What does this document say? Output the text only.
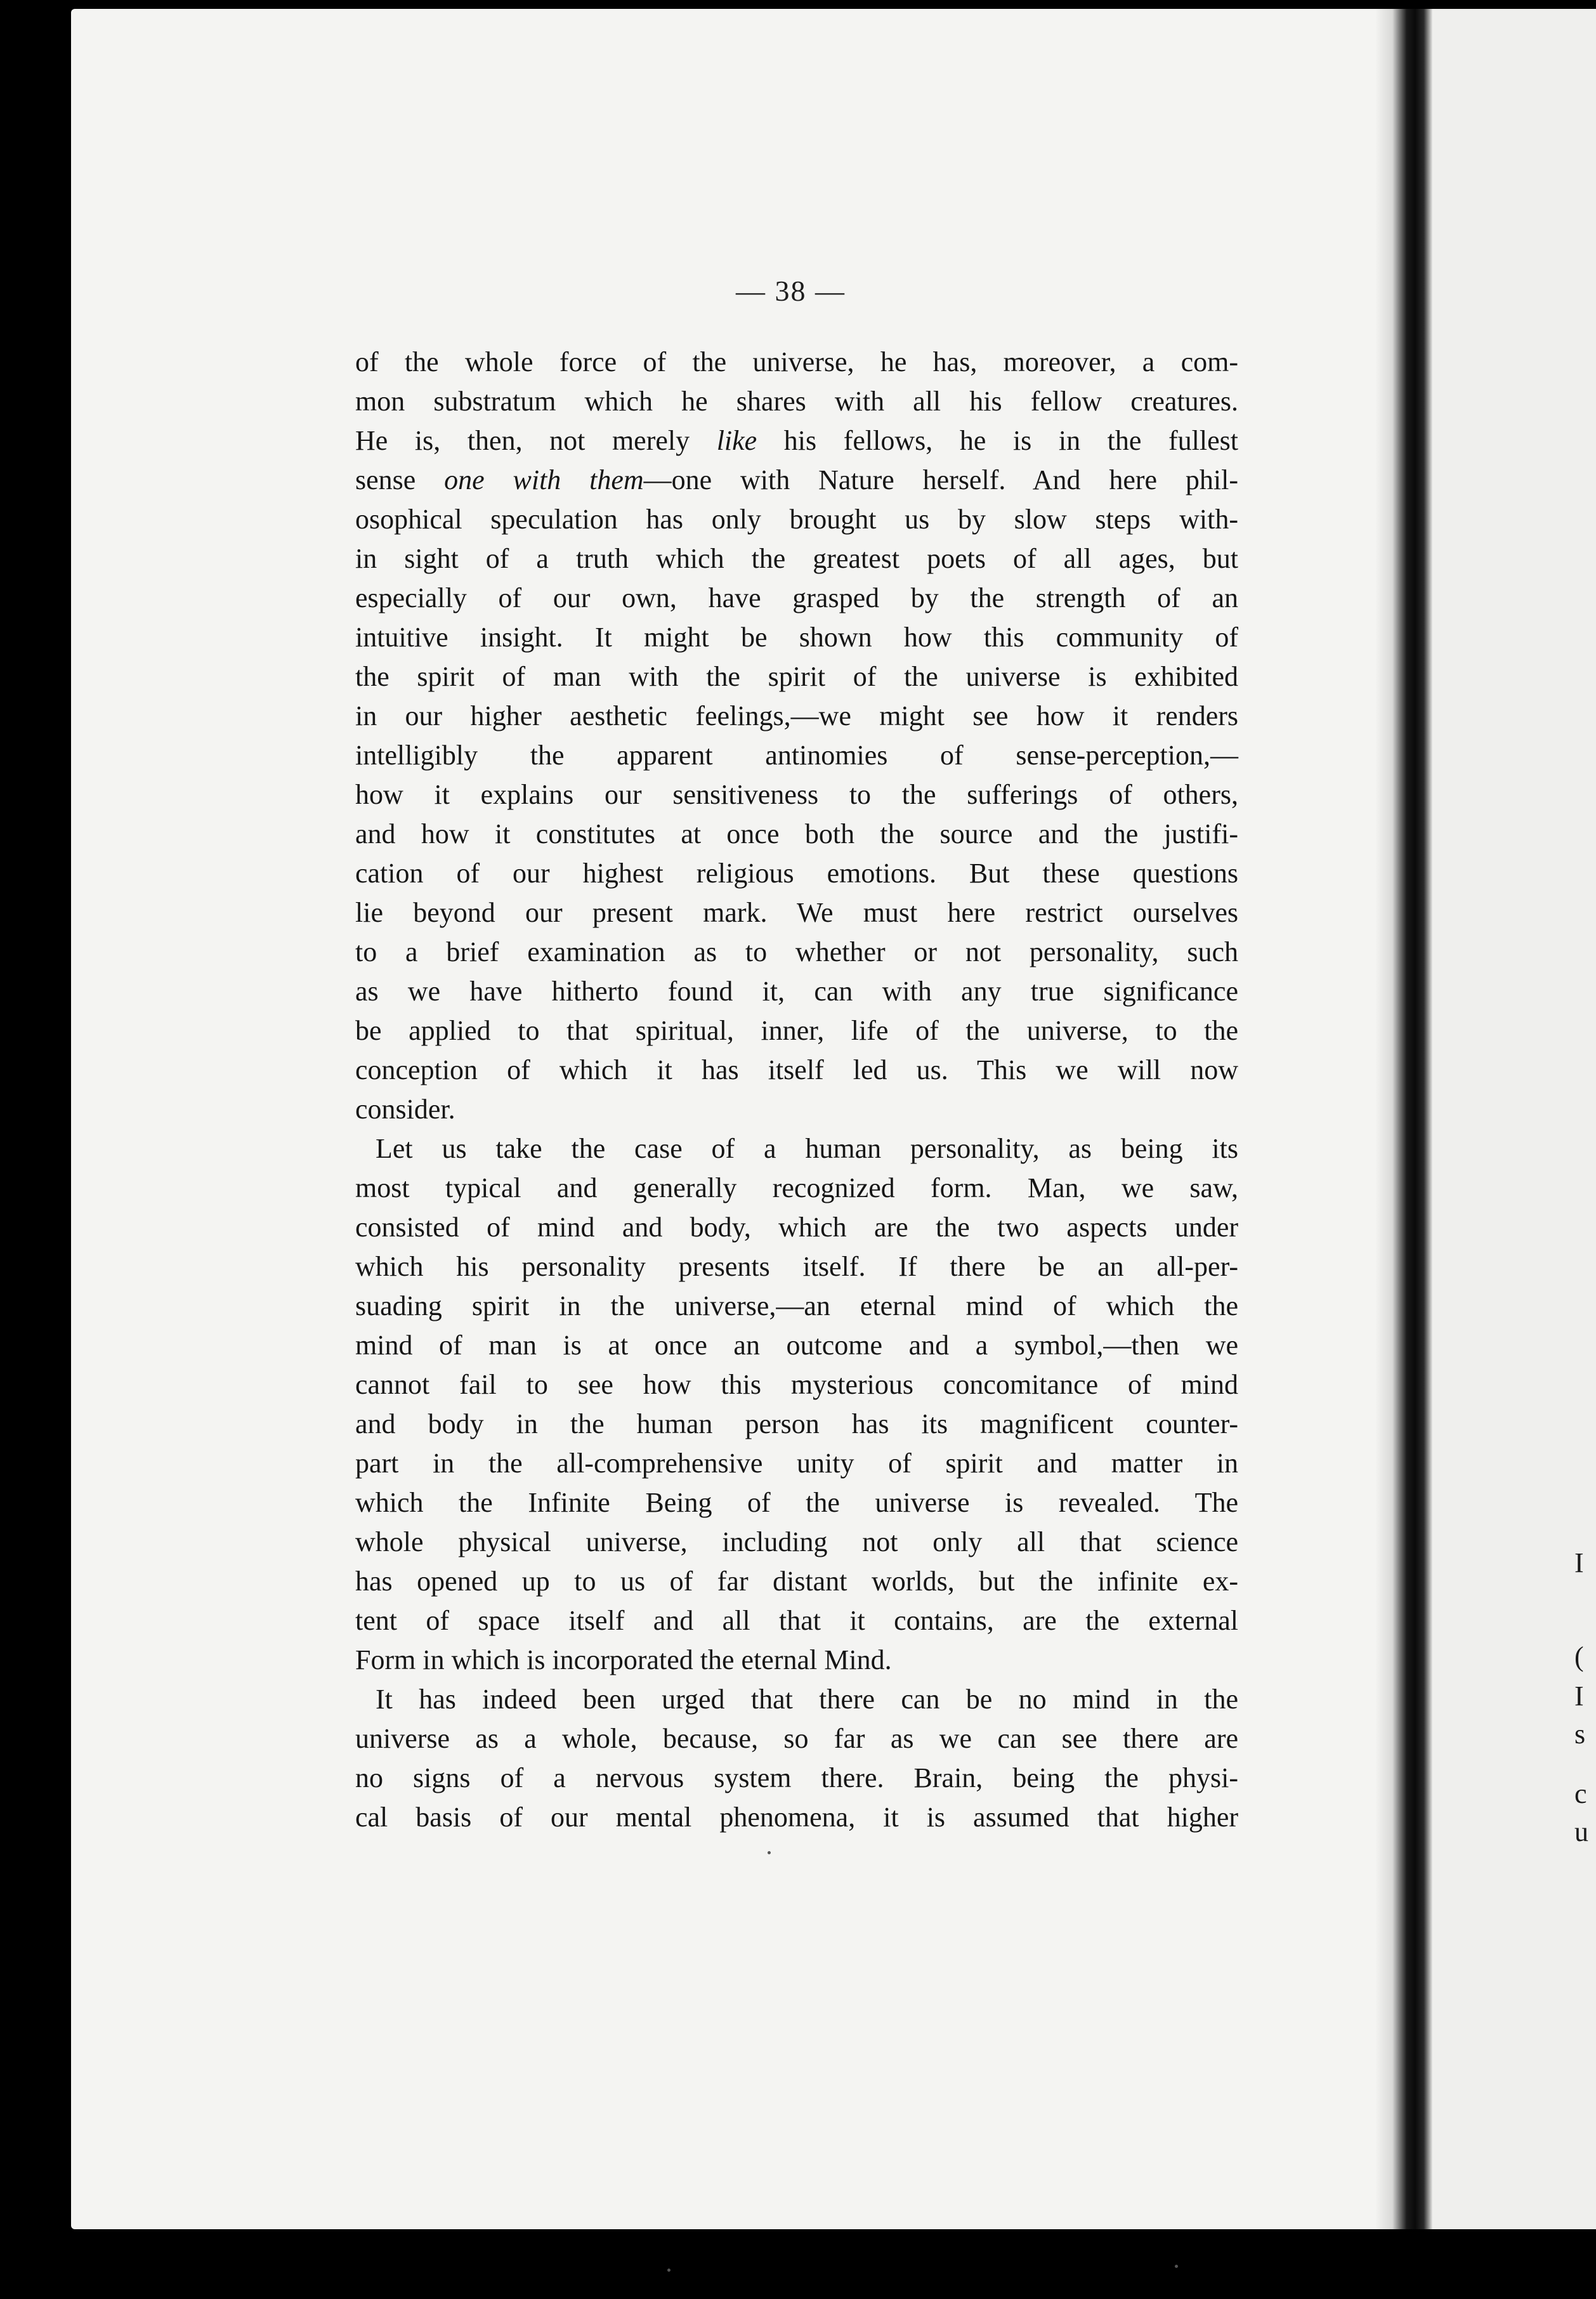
I
(
I
s
c
u
— 38 —
of the whole force of the universe, he has, moreover, a com-
mon substratum which he shares with all his fellow creatures.
He is, then, not merely like his fellows, he is in the fullest
sense one with them—one with Nature herself. And here phil-
osophical speculation has only brought us by slow steps with-
in sight of a truth which the greatest poets of all ages, but
especially of our own, have grasped by the strength of an
intuitive insight. It might be shown how this community of
the spirit of man with the spirit of the universe is exhibited
in our higher aesthetic feelings,—we might see how it renders
intelligibly the apparent antinomies of sense-perception,—
how it explains our sensitiveness to the sufferings of others,
and how it constitutes at once both the source and the justifi-
cation of our highest religious emotions. But these questions
lie beyond our present mark. We must here restrict ourselves
to a brief examination as to whether or not personality, such
as we have hitherto found it, can with any true significance
be applied to that spiritual, inner, life of the universe, to the
conception of which it has itself led us. This we will now
consider.
Let us take the case of a human personality, as being its
most typical and generally recognized form. Man, we saw,
consisted of mind and body, which are the two aspects under
which his personality presents itself. If there be an all-per-
suading spirit in the universe,—an eternal mind of which the
mind of man is at once an outcome and a symbol,—then we
cannot fail to see how this mysterious concomitance of mind
and body in the human person has its magnificent counter-
part in the all-comprehensive unity of spirit and matter in
which the Infinite Being of the universe is revealed. The
whole physical universe, including not only all that science
has opened up to us of far distant worlds, but the infinite ex-
tent of space itself and all that it contains, are the external
Form in which is incorporated the eternal Mind.
It has indeed been urged that there can be no mind in the
universe as a whole, because, so far as we can see there are
no signs of a nervous system there. Brain, being the physi-
cal basis of our mental phenomena, it is assumed that higher
